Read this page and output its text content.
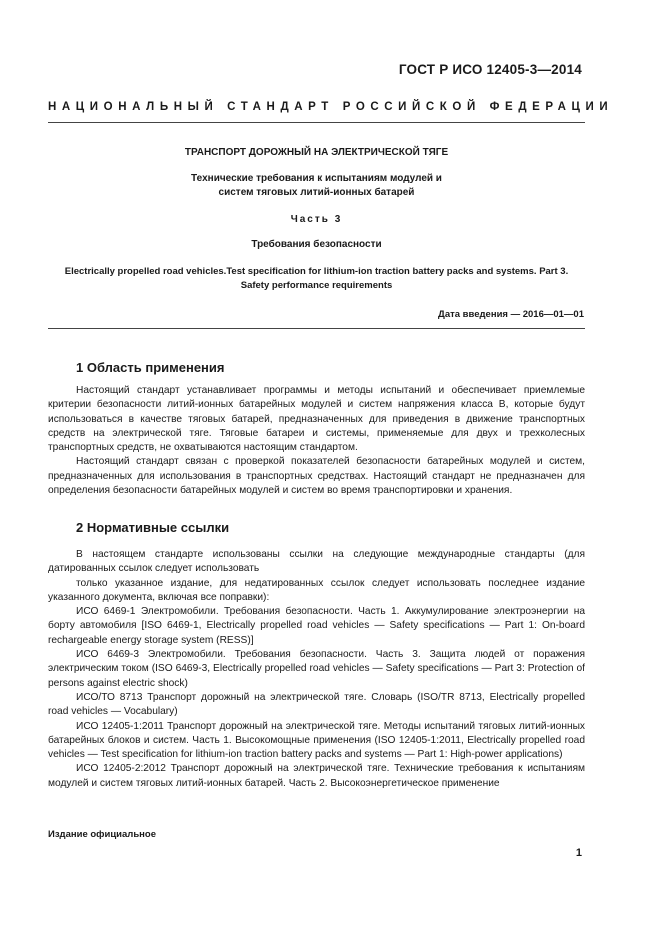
ГОСТ Р ИСО 12405-3—2014
НАЦИОНАЛЬНЫЙ СТАНДАРТ РОССИЙСКОЙ ФЕДЕРАЦИИ
ТРАНСПОРТ ДОРОЖНЫЙ НА ЭЛЕКТРИЧЕСКОЙ ТЯГЕ
Технические требования к испытаниям модулей и
систем тяговых литий-ионных батарей
Часть 3
Требования безопасности
Electrically propelled road vehicles.Test specification for lithium-ion traction battery packs and systems. Part 3.
Safety performance requirements
Дата введения — 2016—01—01
1 Область применения

Настоящий стандарт устанавливает программы и методы испытаний и обеспечивает приемлемые критерии безопасности литий-ионных батарейных модулей и систем напряжения класса В, которые будут использоваться в качестве тяговых батарей, предназначенных для приведения в движение транспортных средств на электрической тяге. Тяговые батареи и системы, применяемые для двух и трехколесных транспортных средств, не охватываются настоящим стандартом.

Настоящий стандарт связан с проверкой показателей безопасности батарейных модулей и систем, предназначенных для использования в транспортных средствах. Настоящий стандарт не предназначен для определения безопасности батарейных модулей и систем во время транспортировки и хранения.

2 Нормативные ссылки

В настоящем стандарте использованы ссылки на следующие международные стандарты (для датированных ссылок следует использовать

только указанное издание, для недатированных ссылок следует использовать последнее издание указанного документа, включая все поправки):

ИСО 6469-1 Электромобили. Требования безопасности. Часть 1. Аккумулирование электроэнергии на борту автомобиля [ISO 6469-1, Electrically propelled road vehicles — Safety specifications — Part 1: On-board rechargeable energy storage system (RESS)]

ИСО 6469-3 Электромобили. Требования безопасности. Часть 3. Защита людей от поражения электрическим током (ISO 6469-3, Electrically propelled road vehicles — Safety specifications — Part 3: Protection of persons against electric shock)

ИСО/ТО 8713 Транспорт дорожный на электрической тяге. Словарь (ISO/TR 8713, Electrically propelled road vehicles — Vocabulary)

ИСО 12405-1:2011 Транспорт дорожный на электрической тяге. Методы испытаний тяговых литий-ионных батарейных блоков и систем. Часть 1. Высокомощные применения (ISO 12405-1:2011, Electrically propelled road vehicles — Test specification for lithium-ion traction battery packs and systems — Part 1: High-power applications)

ИСО 12405-2:2012 Транспорт дорожный на электрической тяге. Технические требования к испытаниям модулей и систем тяговых литий-ионных батарей. Часть 2. Высокоэнергетическое применение

Издание официальное
1
